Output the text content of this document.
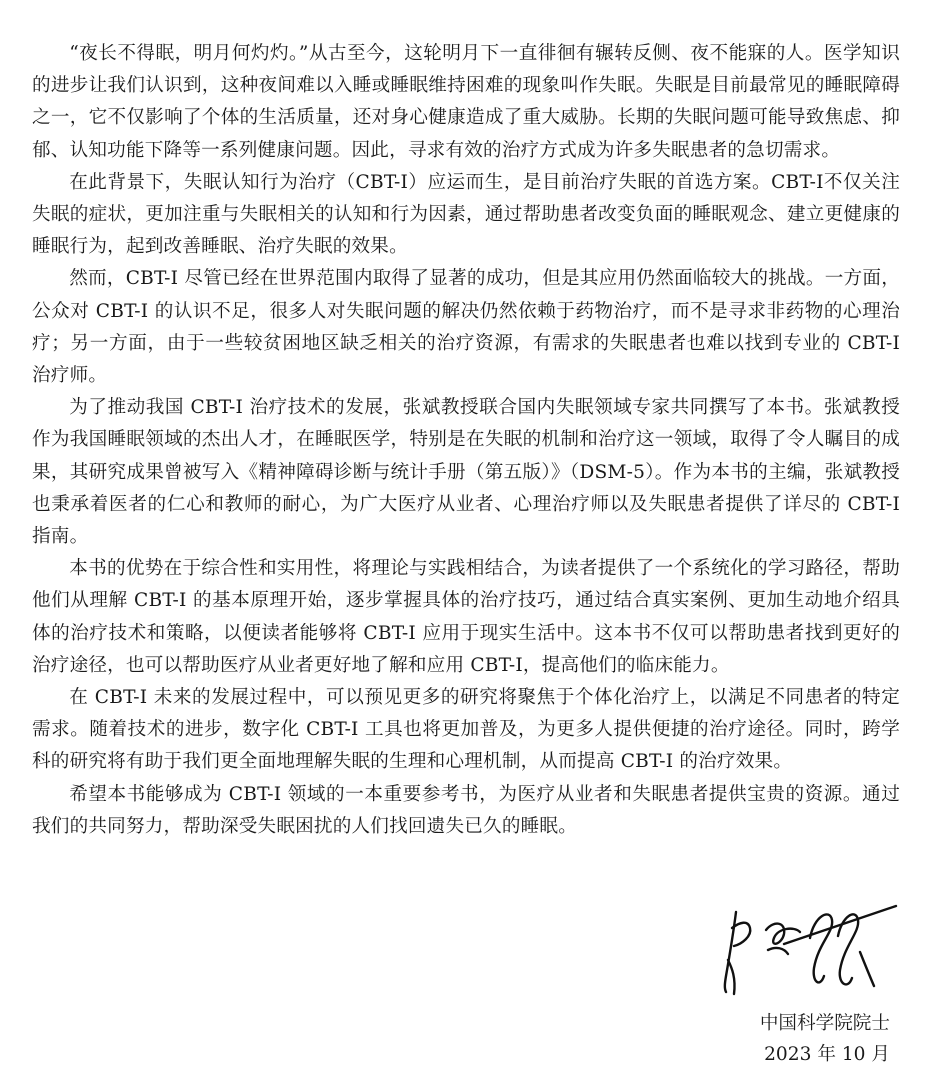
“夜长不得眠，明月何灼灼。”从古至今，这轮明月下一直徘徊有辗转反侧、夜不能寐的人。医学知识的进步让我们认识到，这种夜间难以入睡或睡眠维持困难的现象叫作失眠。失眠是目前最常见的睡眠障碍之一，它不仅影响了个体的生活质量，还对身心健康造成了重大威胁。长期的失眠问题可能导致焦虑、抑郁、认知功能下降等一系列健康问题。因此，寻求有效的治疗方式成为许多失眠患者的急切需求。

在此背景下，失眠认知行为治疗（CBT-I）应运而生，是目前治疗失眠的首选方案。CBT-I不仅关注失眠的症状，更加注重与失眠相关的认知和行为因素，通过帮助患者改变负面的睡眠观念、建立更健康的睡眠行为，起到改善睡眠、治疗失眠的效果。

然而，CBT-I 尽管已经在世界范围内取得了显著的成功，但是其应用仍然面临较大的挑战。一方面，公众对 CBT-I 的认识不足，很多人对失眠问题的解决仍然依赖于药物治疗，而不是寻求非药物的心理治疗；另一方面，由于一些较贫困地区缺乏相关的治疗资源，有需求的失眠患者也难以找到专业的 CBT-I 治疗师。

为了推动我国 CBT-I 治疗技术的发展，张斌教授联合国内失眠领域专家共同撰写了本书。张斌教授作为我国睡眠领域的杰出人才，在睡眠医学，特别是在失眠的机制和治疗这一领域，取得了令人瞩目的成果，其研究成果曾被写入《精神障碍诊断与统计手册（第五版）》（DSM-5）。作为本书的主编，张斌教授也秉承着医者的仁心和教师的耐心，为广大医疗从业者、心理治疗师以及失眠患者提供了详尽的 CBT-I 指南。

本书的优势在于综合性和实用性，将理论与实践相结合，为读者提供了一个系统化的学习路径，帮助他们从理解 CBT-I 的基本原理开始，逐步掌握具体的治疗技巧，通过结合真实案例、更加生动地介绍具体的治疗技术和策略，以便读者能够将 CBT-I 应用于现实生活中。这本书不仅可以帮助患者找到更好的治疗途径，也可以帮助医疗从业者更好地了解和应用 CBT-I，提高他们的临床能力。

在 CBT-I 未来的发展过程中，可以预见更多的研究将聚焦于个体化治疗上，以满足不同患者的特定需求。随着技术的进步，数字化 CBT-I 工具也将更加普及，为更多人提供便捷的治疗途径。同时，跨学科的研究将有助于我们更全面地理解失眠的生理和心理机制，从而提高 CBT-I 的治疗效果。

希望本书能够成为 CBT-I 领域的一本重要参考书，为医疗从业者和失眠患者提供宝贵的资源。通过我们的共同努力，帮助深受失眠困扰的人们找回遗失已久的睡眠。

中国科学院院士
2023 年 10 月
